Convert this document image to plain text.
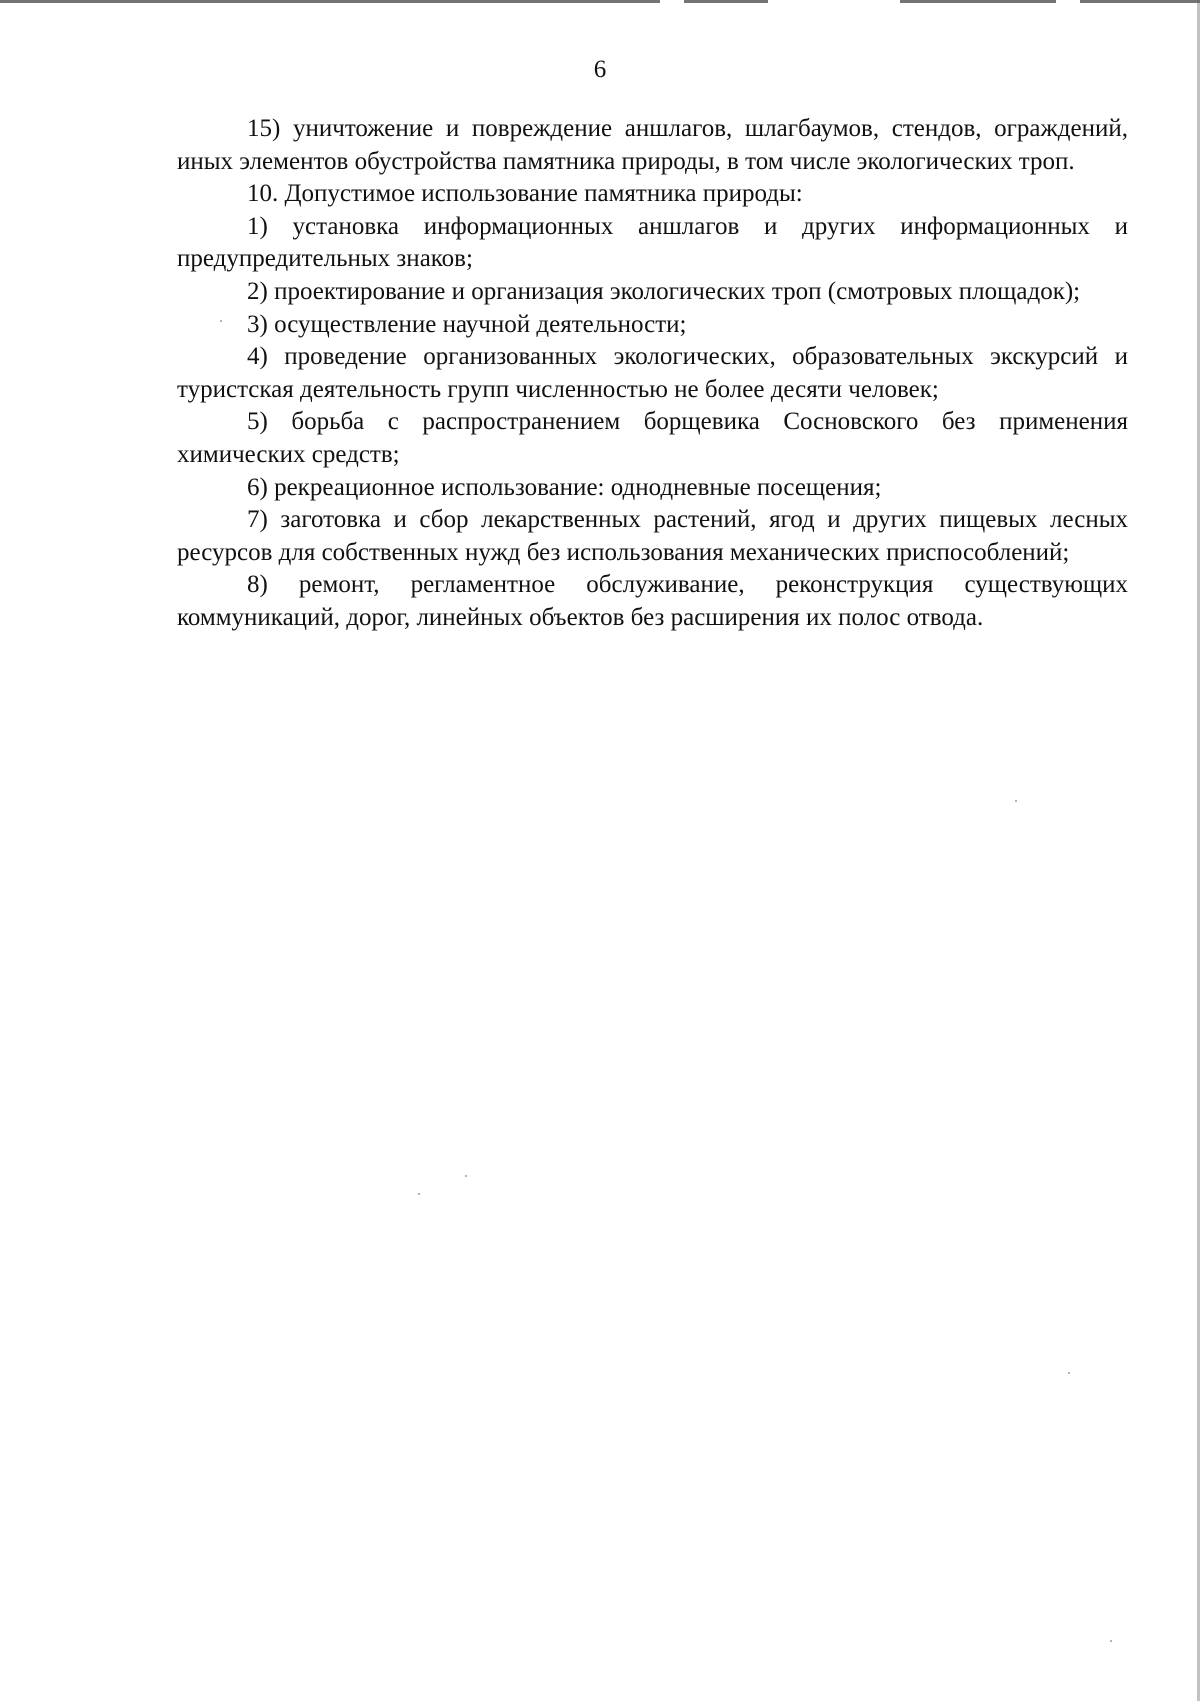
6

15) уничтожение и повреждение аншлагов, шлагбаумов, стендов, ограждений, иных элементов обустройства памятника природы, в том числе экологических троп.

10. Допустимое использование памятника природы:

1) установка информационных аншлагов и других информационных и предупредительных знаков;

2) проектирование и организация экологических троп (смотровых площадок);

3) осуществление научной деятельности;

4) проведение организованных экологических, образовательных экскурсий и туристская деятельность групп численностью не более десяти человек;

5) борьба с распространением борщевика Сосновского без применения химических средств;

6) рекреационное использование: однодневные посещения;

7) заготовка и сбор лекарственных растений, ягод и других пищевых лесных ресурсов для собственных нужд без использования механических приспособлений;

8) ремонт, регламентное обслуживание, реконструкция существующих коммуникаций, дорог, линейных объектов без расширения их полос отвода.
